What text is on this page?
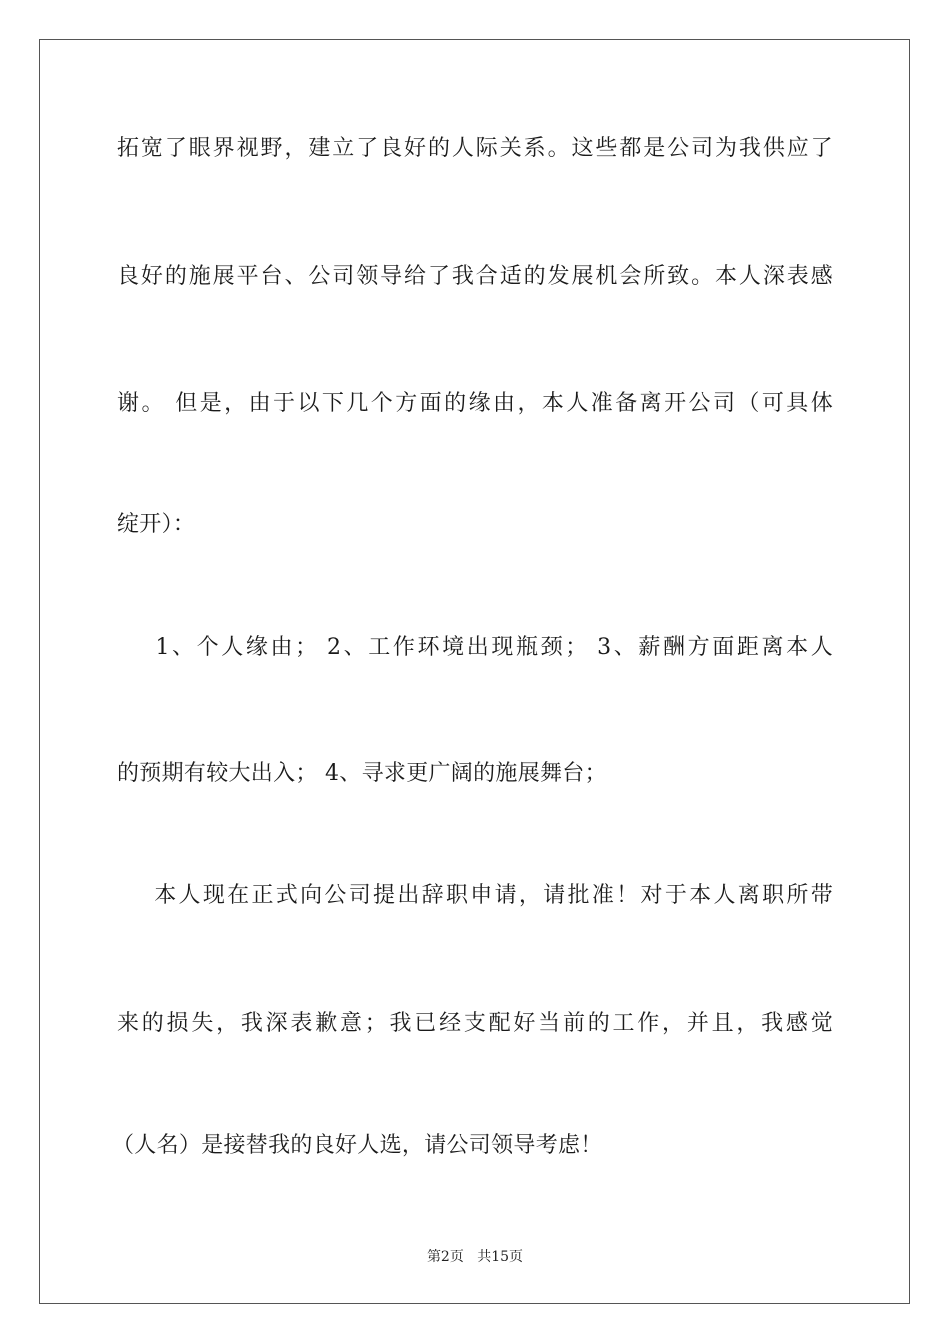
拓宽了眼界视野，建立了良好的人际关系。这些都是公司为我供应了
良好的施展平台、公司领导给了我合适的发展机会所致。本人深表感
谢。 但是，由于以下几个方面的缘由，本人准备离开公司（可具体
绽开）：
1、个人缘由； 2、工作环境出现瓶颈； 3、薪酬方面距离本人
的预期有较大出入； 4、寻求更广阔的施展舞台；
本人现在正式向公司提出辞职申请，请批准！对于本人离职所带
来的损失，我深表歉意；我已经支配好当前的工作，并且，我感觉
（人名）是接替我的良好人选，请公司领导考虑！
第2页 共15页
